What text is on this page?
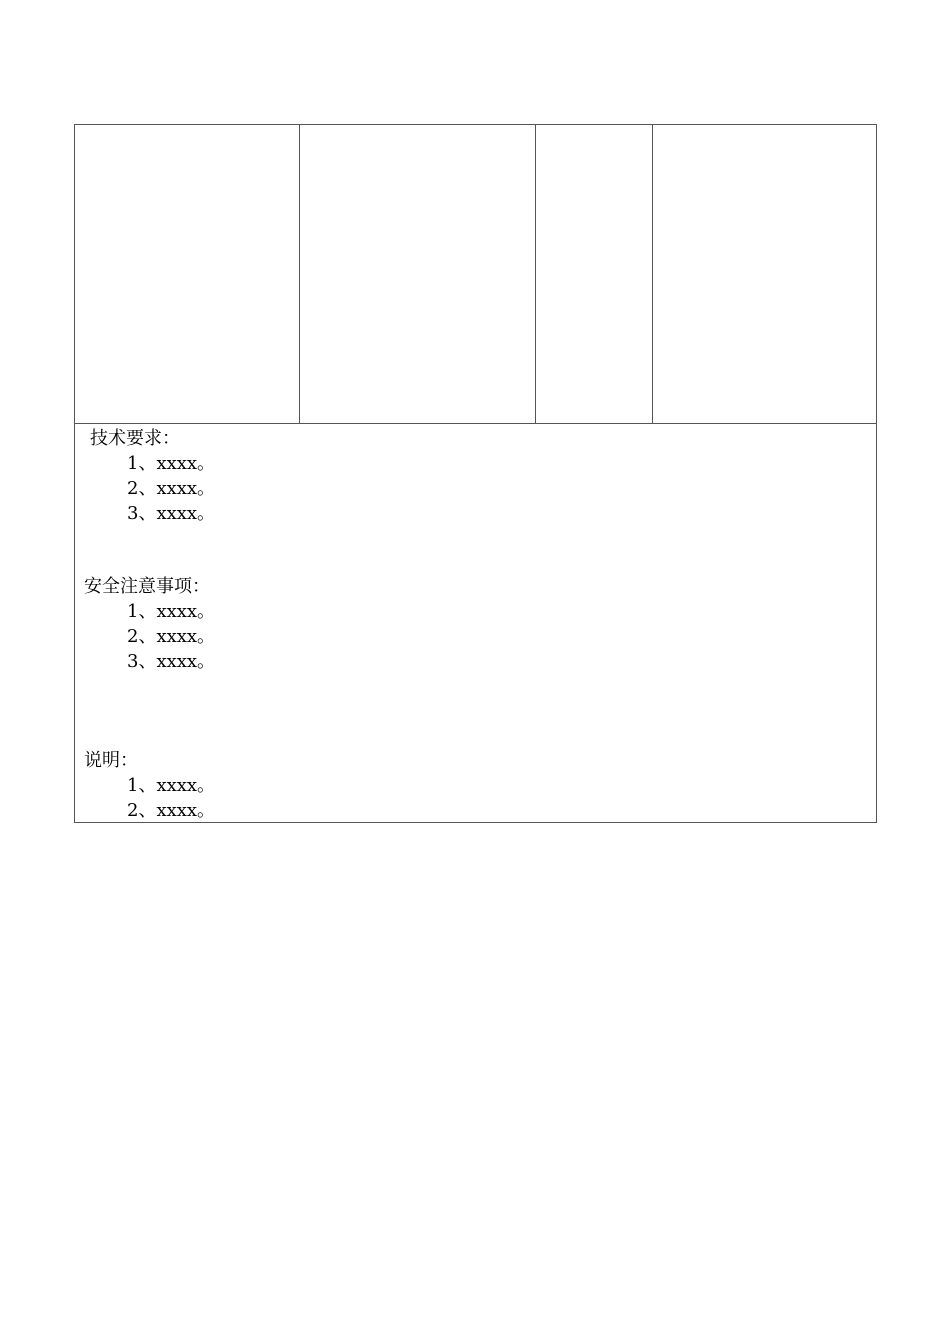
技术要求：
1、xxxx。
2、xxxx。
3、xxxx。
安全注意事项：
1、xxxx。
2、xxxx。
3、xxxx。
说明：
1、xxxx。
2、xxxx。
